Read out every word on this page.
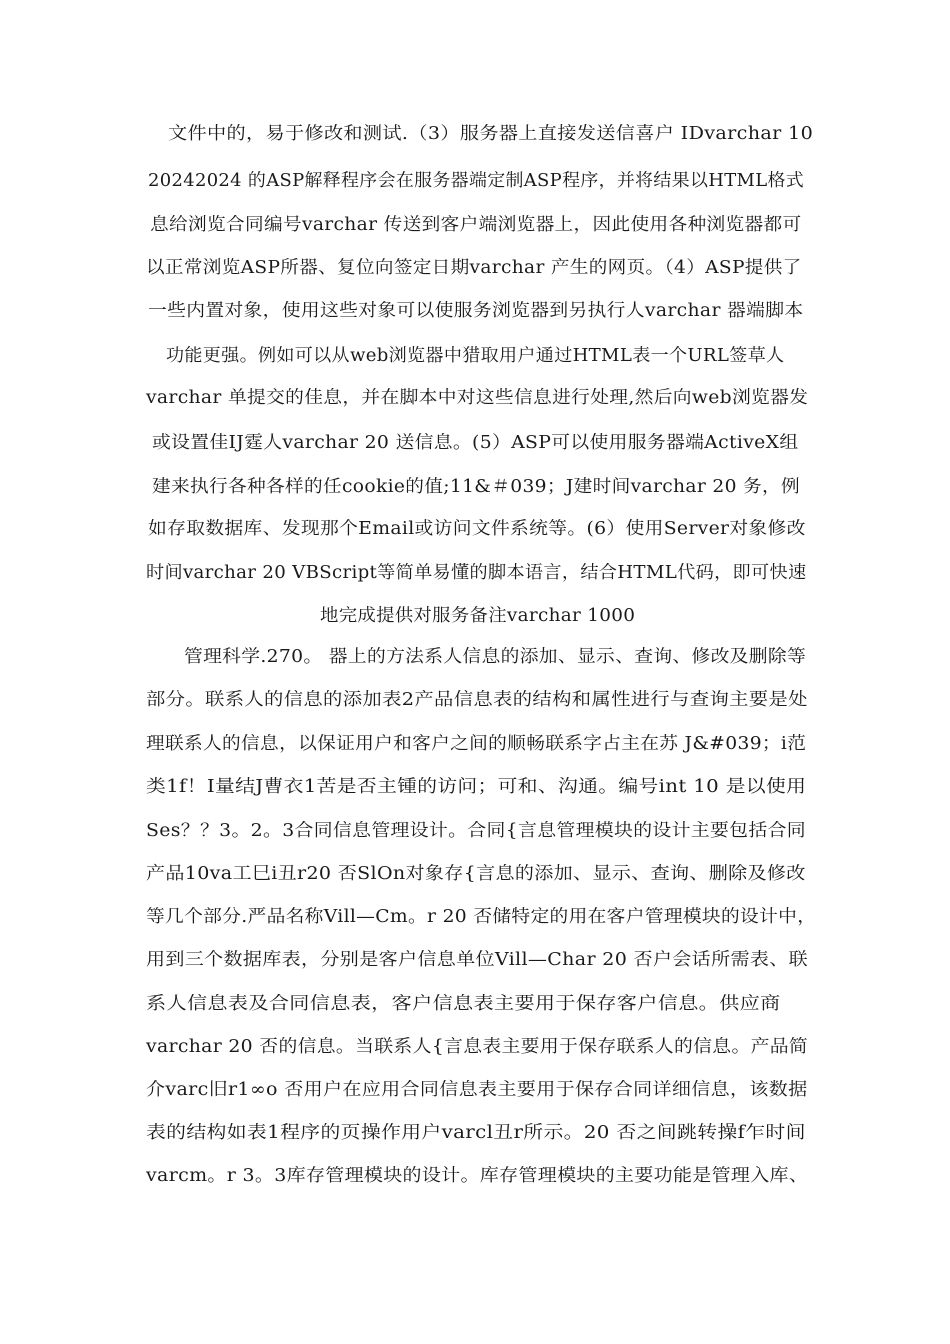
文件中的，易于修改和测试.（3）服务器上直接发送信喜户 IDvarchar 10
20242024 的ASP解释程序会在服务器端定制ASP程序，并将结果以HTML格式
息给浏览合同编号varchar 传送到客户端浏览器上，因此使用各种浏览器都可
以正常浏览ASP所器、复位向签定日期varchar 产生的网页。（4）ASP提供了
一些内置对象，使用这些对象可以使服务浏览器到另执行人varchar 器端脚本
功能更强。例如可以从web浏览器中猎取用户通过HTML表一个URL签草人
varchar 单提交的佳息，并在脚本中对这些信息进行处理,然后向web浏览器发
或设置佳IJ霆人varchar 20 送信息。(5）ASP可以使用服务器端ActiveX组
建来执行各种各样的任cookie的值;11&＃039；J建时间varchar 20 务，例
如存取数据库、发现那个Email或访问文件系统等。(6）使用Server对象修改
时间varchar 20 VBScript等简单易懂的脚本语言，结合HTML代码，即可快速
地完成提供对服务备注varchar 1000
管理科学.270。 器上的方法系人信息的添加、显示、查询、修改及删除等
部分。联系人的信息的添加表2产品信息表的结构和属性进行与查询主要是处
理联系人的信息，以保证用户和客户之间的顺畅联系字占主在苏 J&#039；i范
类1f！I量结J曹衣1苦是否主锺的访问；可和、沟通。编号int 10 是以使用
Ses？？3。2。3合同信息管理设计。合同{言息管理模块的设计主要包括合同
产品10va工巳i丑r20 否SlOn对象存{言息的添加、显示、查询、删除及修改
等几个部分.严品名称Vill—Cm。r 20 否储特定的用在客户管理模块的设计中，
用到三个数据库表，分别是客户信息单位Vill—Char 20 否户会话所需表、联
系人信息表及合同信息表，客户信息表主要用于保存客户信息。供应商
varchar 20 否的信息。当联系人{言息表主要用于保存联系人的信息。产品简
介varc旧r1∞o 否用户在应用合同信息表主要用于保存合同详细信息，该数据
表的结构如表1程序的页操作用户varcl丑r所示。20 否之间跳转操f乍时间
varcm。r 3。3库存管理模块的设计。库存管理模块的主要功能是管理入库、
